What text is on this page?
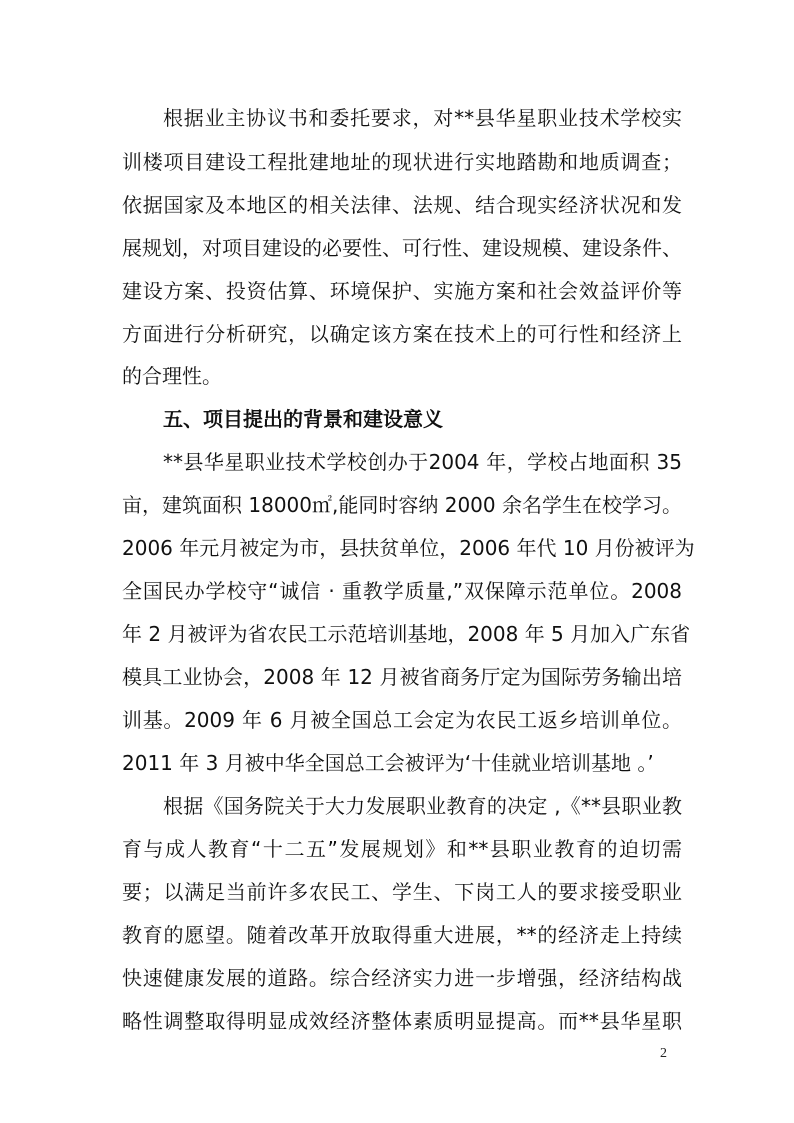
根据业主协议书和委托要求，对**县华星职业技术学校实
训楼项目建设工程批建地址的现状进行实地踏勘和地质调查；
依据国家及本地区的相关法律、法规、结合现实经济状况和发
展规划，对项目建设的必要性、可行性、建设规模、建设条件、
建设方案、投资估算、环境保护、实施方案和社会效益评价等
方面进行分析研究，以确定该方案在技术上的可行性和经济上
的合理性。
五、项目提出的背景和建设意义
**县华星职业技术学校创办于2004 年，学校占地面积 35
亩，建筑面积 18000㎡,能同时容纳 2000 余名学生在校学习。
2006 年元月被定为市，县扶贫单位，2006 年代 10 月份被评为
全国民办学校守“诚信 · 重教学质量,”双保障示范单位。2008
年 2 月被评为省农民工示范培训基地，2008 年 5 月加入广东省
模具工业协会，2008 年 12 月被省商务厅定为国际劳务输出培
训基。2009 年 6 月被全国总工会定为农民工返乡培训单位。
2011 年 3 月被中华全国总工会被评为‘十佳就业培训基地 。’
根据《国务院关于大力发展职业教育的决定 ,《**县职业教
育与成人教育“十二五”发展规划》和**县职业教育的迫切需
要；以满足当前许多农民工、学生、下岗工人的要求接受职业
教育的愿望。随着改革开放取得重大进展，**的经济走上持续
快速健康发展的道路。综合经济实力进一步增强，经济结构战
略性调整取得明显成效经济整体素质明显提高。而**县华星职
2
